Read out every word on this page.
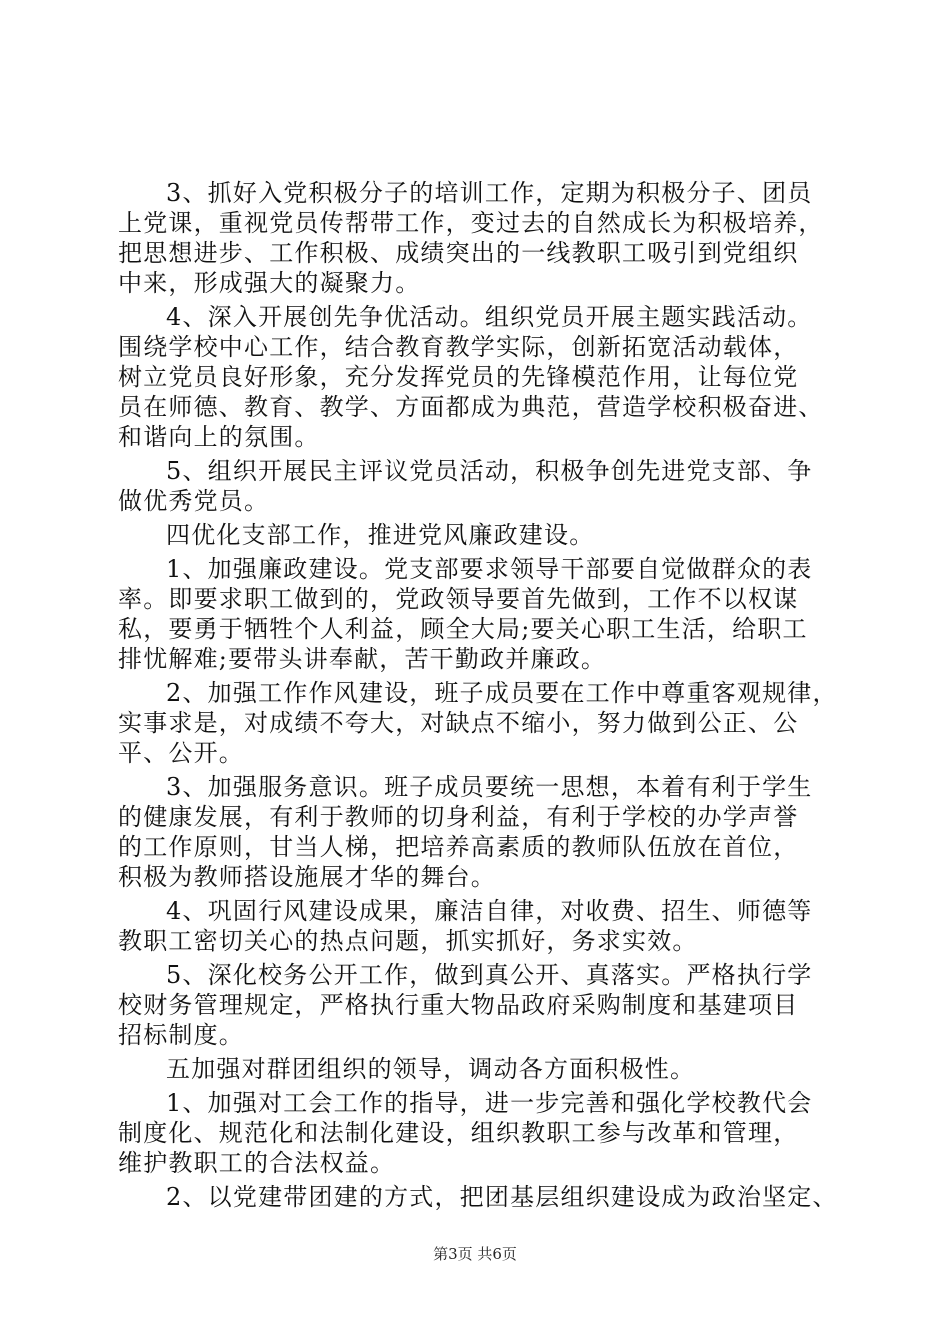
3、抓好入党积极分子的培训工作，定期为积极分子、团员
上党课，重视党员传帮带工作，变过去的自然成长为积极培养，
把思想进步、工作积极、成绩突出的一线教职工吸引到党组织
中来，形成强大的凝聚力。

4、深入开展创先争优活动。组织党员开展主题实践活动。
围绕学校中心工作，结合教育教学实际，创新拓宽活动载体，
树立党员良好形象，充分发挥党员的先锋模范作用，让每位党
员在师德、教育、教学、方面都成为典范，营造学校积极奋进、
和谐向上的氛围。

5、组织开展民主评议党员活动，积极争创先进党支部、争
做优秀党员。

四优化支部工作，推进党风廉政建设。

1、加强廉政建设。党支部要求领导干部要自觉做群众的表
率。即要求职工做到的，党政领导要首先做到，工作不以权谋
私，要勇于牺牲个人利益，顾全大局;要关心职工生活，给职工
排忧解难;要带头讲奉献，苦干勤政并廉政。

2、加强工作作风建设，班子成员要在工作中尊重客观规律，
实事求是，对成绩不夸大，对缺点不缩小，努力做到公正、公
平、公开。

3、加强服务意识。班子成员要统一思想，本着有利于学生
的健康发展，有利于教师的切身利益，有利于学校的办学声誉
的工作原则，甘当人梯，把培养高素质的教师队伍放在首位，
积极为教师搭设施展才华的舞台。

4、巩固行风建设成果，廉洁自律，对收费、招生、师德等
教职工密切关心的热点问题，抓实抓好，务求实效。

5、深化校务公开工作，做到真公开、真落实。严格执行学
校财务管理规定，严格执行重大物品政府采购制度和基建项目
招标制度。

五加强对群团组织的领导，调动各方面积极性。

1、加强对工会工作的指导，进一步完善和强化学校教代会
制度化、规范化和法制化建设，组织教职工参与改革和管理，
维护教职工的合法权益。

2、以党建带团建的方式，把团基层组织建设成为政治坚定、

第3页 共6页
